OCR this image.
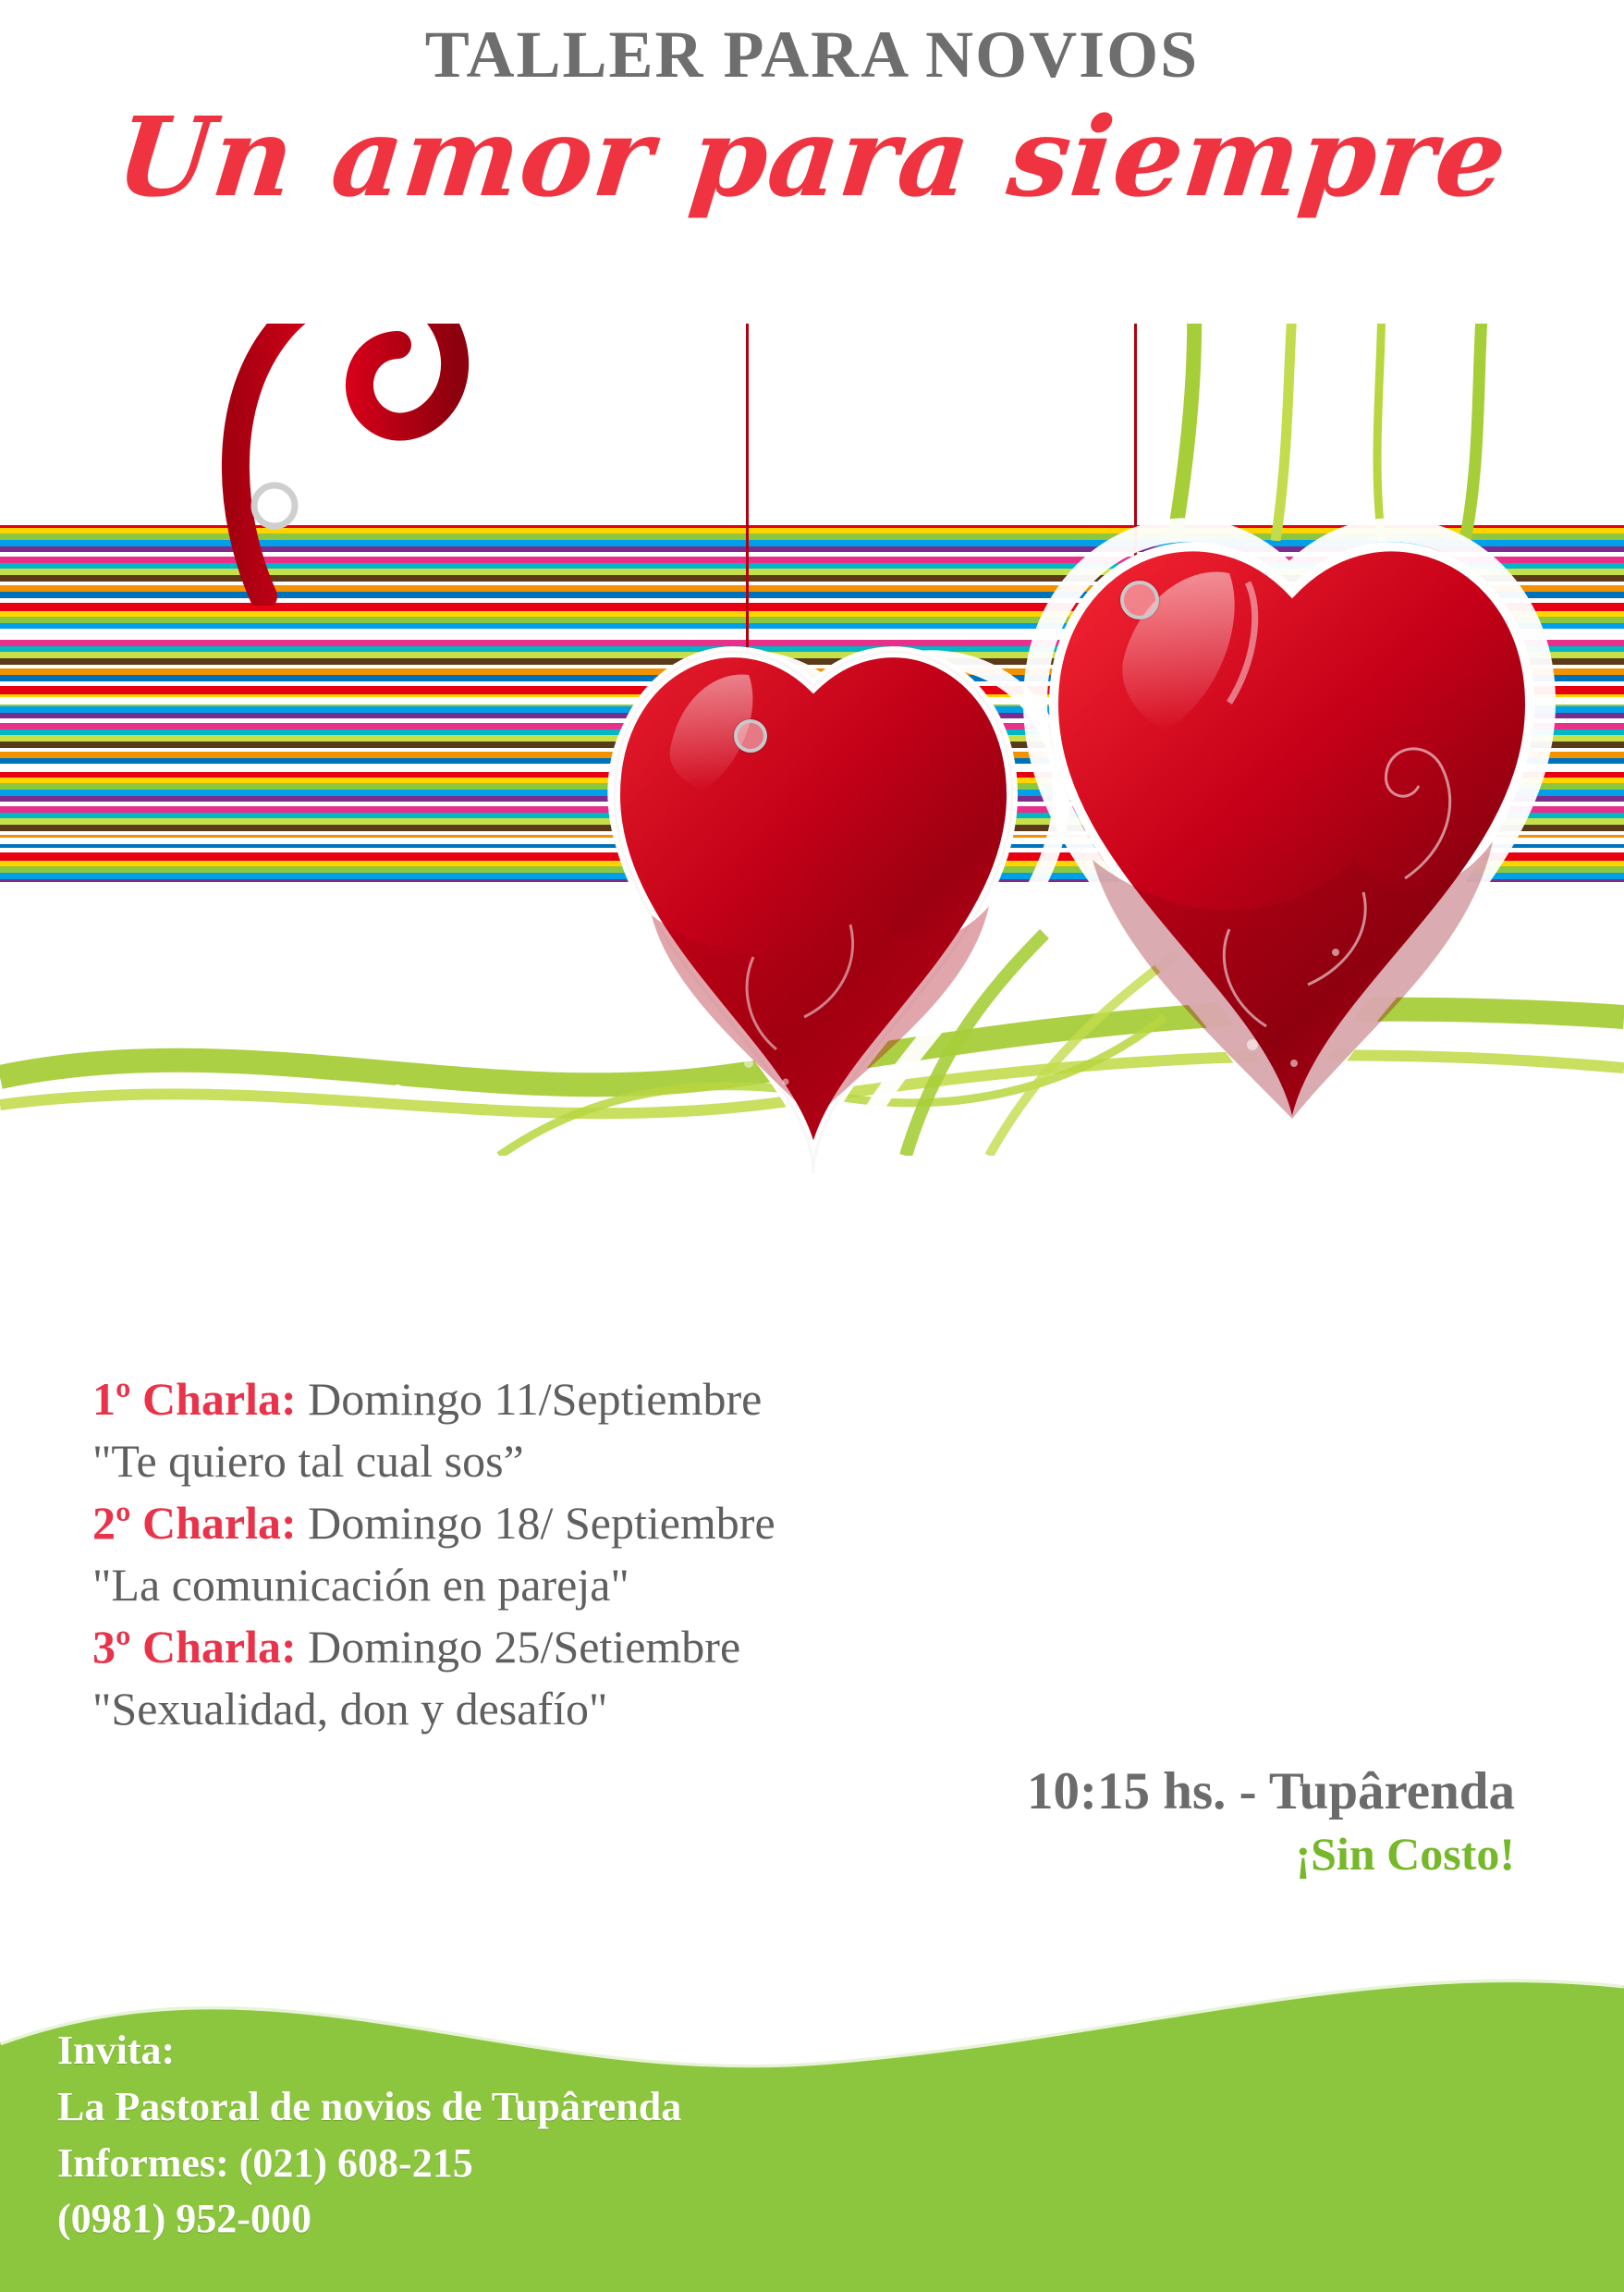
TALLER PARA NOVIOS
Un amor para siempre
1º Charla: Domingo 11/Septiembre
"Te quiero tal cual sos”
2º Charla: Domingo 18/ Septiembre
"La comunicación en pareja"
3º Charla: Domingo 25/Setiembre
"Sexualidad, don y desafío"
10:15 hs. - Tupârenda
¡Sin Costo!
Invita:
La Pastoral de novios de Tupârenda
Informes: (021) 608-215
(0981) 952-000
